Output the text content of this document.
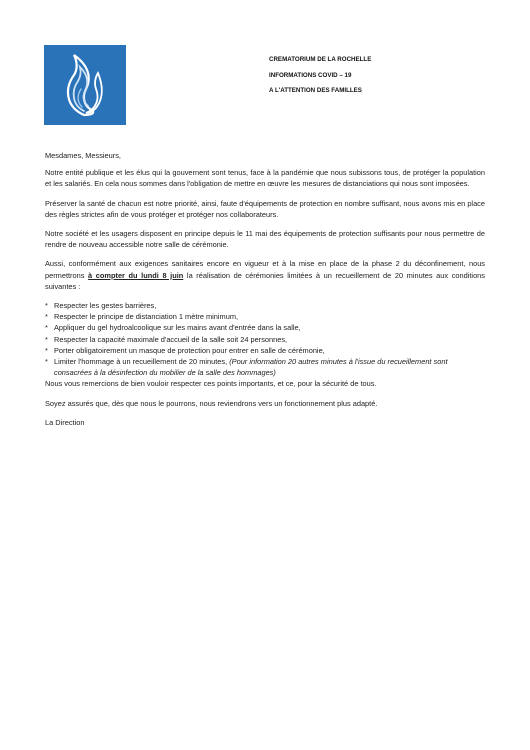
CREMATORIUM DE LA ROCHELLE
INFORMATIONS COVID – 19
A L'ATTENTION DES FAMILLES

Mesdames, Messieurs,

Notre entité publique et les élus qui la gouvernent sont tenus, face à la pandémie que nous subissons tous, de protéger la population et les salariés. En cela nous sommes dans l'obligation de mettre en œuvre les mesures de distanciations qui nous sont imposées.

Préserver la santé de chacun est notre priorité, ainsi, faute d'équipements de protection en nombre suffisant, nous avons mis en place des règles strictes afin de vous protéger et protéger nos collaborateurs.

Notre société et les usagers disposent en principe depuis le 11 mai des équipements de protection suffisants pour nous permettre de rendre de nouveau accessible notre salle de cérémonie.

Aussi, conformément aux exigences sanitaires encore en vigueur et à la mise en place de la phase 2 du déconfinement, nous permettrons à compter du lundi 8 juin la réalisation de cérémonies limitées à un recueillement de 20 minutes aux conditions suivantes :

* Respecter les gestes barrières,
* Respecter le principe de distanciation 1 mètre minimum,
* Appliquer du gel hydroalcoolique sur les mains avant d'entrée dans la salle,
* Respecter la capacité maximale d'accueil de la salle soit 24 personnes,
* Porter obligatoirement un masque de protection pour entrer en salle de cérémonie,
* Limiter l'hommage à un recueillement de 20 minutes, (Pour information 20 autres minutes à l'issue du recueillement sont consacrées à la désinfection du mobilier de la salle des hommages)

Nous vous remercions de bien vouloir respecter ces points importants, et ce, pour la sécurité de tous.

Soyez assurés que, dès que nous le pourrons, nous reviendrons vers un fonctionnement plus adapté.

La Direction
